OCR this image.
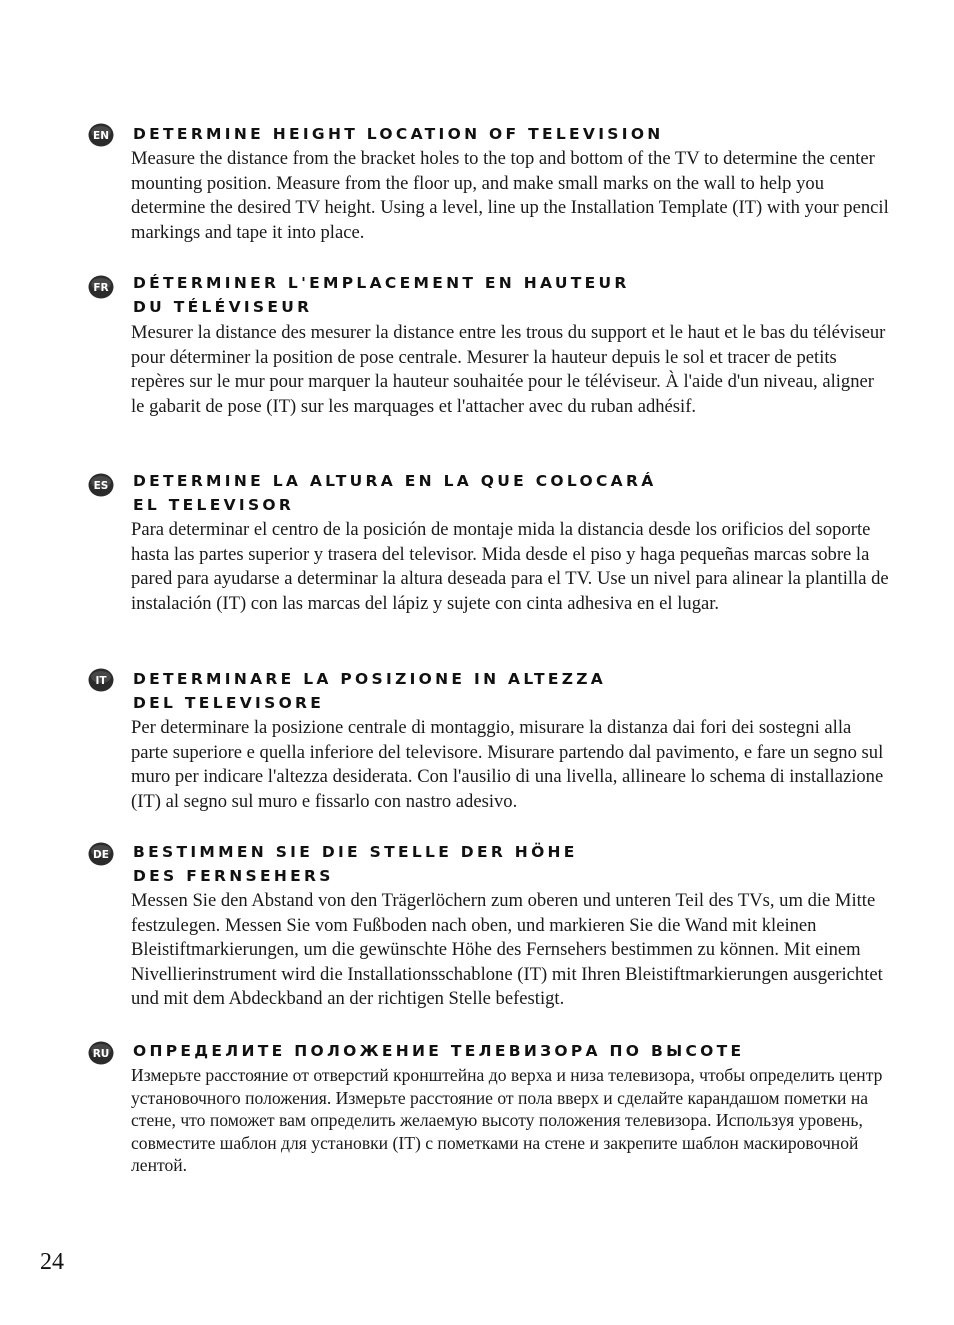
EN DETERMINE HEIGHT LOCATION OF TELEVISION
Measure the distance from the bracket holes to the top and bottom of the TV to determine the center mounting position. Measure from the floor up, and make small marks on the wall to help you determine the desired TV height. Using a level, line up the Installation Template (IT) with your pencil markings and tape it into place.
FR DÉTERMINER L'EMPLACEMENT EN HAUTEUR
DU TÉLÉVISEUR
Mesurer la distance des mesurer la distance entre les trous du support et le haut et le bas du téléviseur pour déterminer la position de pose centrale. Mesurer la hauteur depuis le sol et tracer de petits repères sur le mur pour marquer la hauteur souhaitée pour le téléviseur. À l'aide d'un niveau, aligner le gabarit de pose (IT) sur les marquages et l'attacher avec du ruban adhésif.
ES DETERMINE LA ALTURA EN LA QUE COLOCARÁ
EL TELEVISOR
Para determinar el centro de la posición de montaje mida la distancia desde los orificios del soporte hasta las partes superior y trasera del televisor. Mida desde el piso y haga pequeñas marcas sobre la pared para ayudarse a determinar la altura deseada para el TV. Use un nivel para alinear la plantilla de instalación (IT) con las marcas del lápiz y sujete con cinta adhesiva en el lugar.
IT DETERMINARE LA POSIZIONE IN ALTEZZA
DEL TELEVISORE
Per determinare la posizione centrale di montaggio, misurare la distanza dai fori dei sostegni alla parte superiore e quella inferiore del televisore. Misurare partendo dal pavimento, e fare un segno sul muro per indicare l'altezza desiderata. Con l'ausilio di una livella, allineare lo schema di installazione (IT) al segno sul muro e fissarlo con nastro adesivo.
DE BESTIMMEN SIE DIE STELLE DER HÖHE
DES FERNSEHERS
Messen Sie den Abstand von den Trägerlöchern zum oberen und unteren Teil des TVs, um die Mitte festzulegen. Messen Sie vom Fußboden nach oben, und markieren Sie die Wand mit kleinen Bleistiftmarkierungen, um die gewünschte Höhe des Fernsehers bestimmen zu können. Mit einem Nivellierinstrument wird die Installationsschablone (IT) mit Ihren Bleistiftmarkierungen ausgerichtet und mit dem Abdeckband an der richtigen Stelle befestigt.
RU ОПРЕДЕЛИТЕ ПОЛОЖЕНИЕ ТЕЛЕВИЗОРА ПО ВЫСОТЕ
Измерьте расстояние от отверстий кронштейна до верха и низа телевизора, чтобы определить центр установочного положения. Измерьте расстояние от пола вверх и сделайте карандашом пометки на стене, что поможет вам определить желаемую высоту положения телевизора. Используя уровень, совместите шаблон для установки (IT) с пометками на стене и закрепите шаблон маскировочной лентой.
24
